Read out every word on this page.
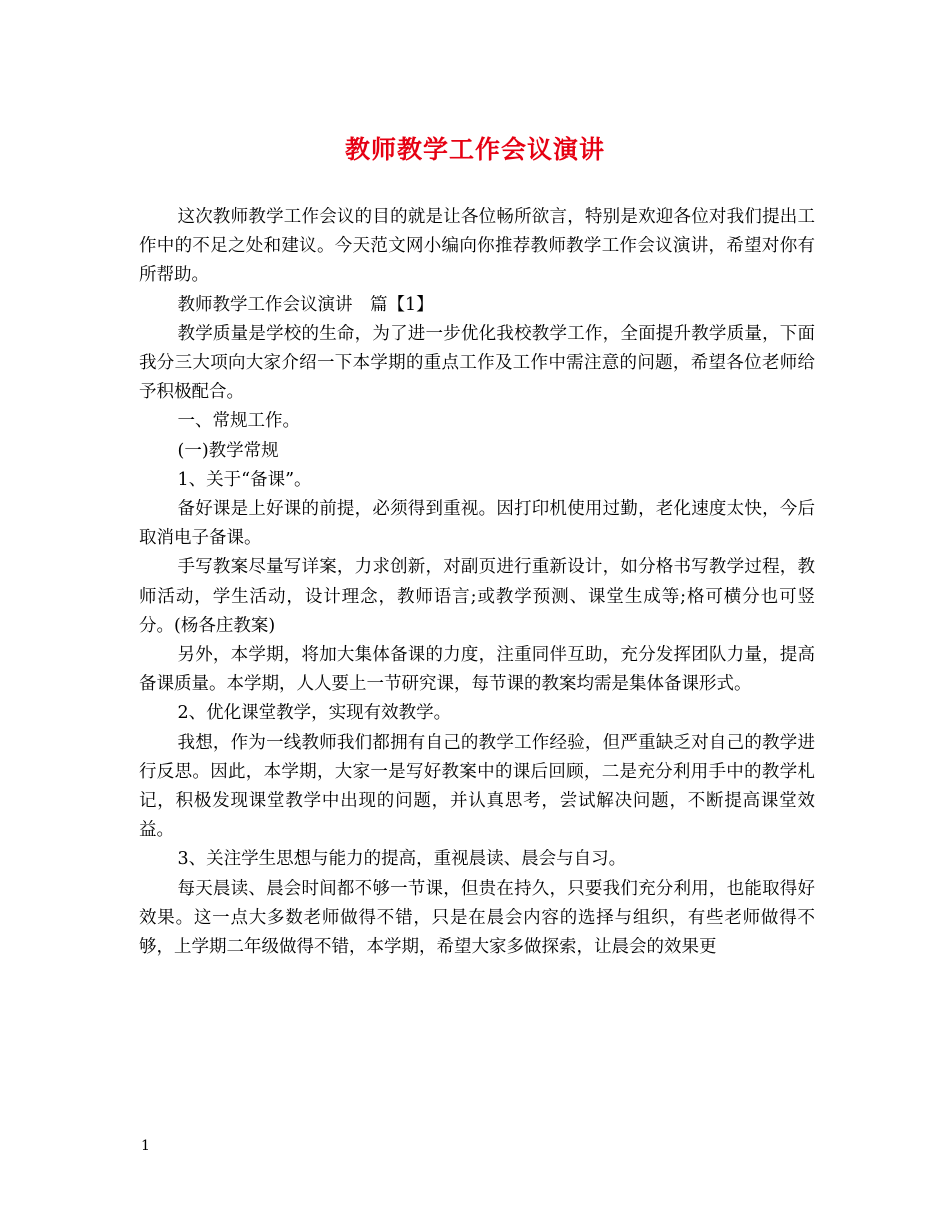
教师教学工作会议演讲

这次教师教学工作会议的目的就是让各位畅所欲言，特别是欢迎各位对我们提出工作中的不足之处和建议。今天范文网小编向你推荐教师教学工作会议演讲，希望对你有所帮助。

教师教学工作会议演讲　篇【1】

教学质量是学校的生命，为了进一步优化我校教学工作，全面提升教学质量，下面我分三大项向大家介绍一下本学期的重点工作及工作中需注意的问题，希望各位老师给予积极配合。

一、常规工作。

(一)教学常规

1、关于“备课”。

备好课是上好课的前提，必须得到重视。因打印机使用过勤，老化速度太快，今后取消电子备课。

手写教案尽量写详案，力求创新，对副页进行重新设计，如分格书写教学过程，教师活动，学生活动，设计理念，教师语言;或教学预测、课堂生成等;格可横分也可竖分。(杨各庄教案)

另外，本学期，将加大集体备课的力度，注重同伴互助，充分发挥团队力量，提高备课质量。本学期，人人要上一节研究课，每节课的教案均需是集体备课形式。

2、优化课堂教学，实现有效教学。

我想，作为一线教师我们都拥有自己的教学工作经验，但严重缺乏对自己的教学进行反思。因此，本学期，大家一是写好教案中的课后回顾，二是充分利用手中的教学札记，积极发现课堂教学中出现的问题，并认真思考，尝试解决问题，不断提高课堂效益。

3、关注学生思想与能力的提高，重视晨读、晨会与自习。

每天晨读、晨会时间都不够一节课，但贵在持久，只要我们充分利用，也能取得好效果。这一点大多数老师做得不错，只是在晨会内容的选择与组织，有些老师做得不够，上学期二年级做得不错，本学期，希望大家多做探索，让晨会的效果更

1
